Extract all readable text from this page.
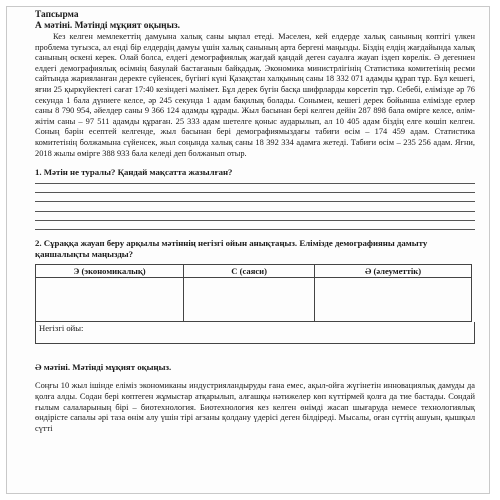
Тапсырма
А мәтіні. Мәтінді мұқият оқыңыз.

Кез келген мемлекеттің дамуына халық саны ықпал етеді. Мәселен, кей елдерде халық санының көптігі үлкен проблема туғызса, ал енді бір елдердің дамуы үшін халық санының арта бергені маңызды. Біздің елдің жағдайында халық санының өскені керек. Олай болса, елдегі демографиялық жағдай қандай деген сауалға жауап іздеп көрелік. Ә дегеннен елдегі демографиялық өсімнің баяулай бастағанын байқадық. Экономика министрлігінің Статистика комитетінің ресми сайтында жарияланған деректе сүйенсек, бүгінгі күні Қазақстан халқының саны 18 332 071 адамды құрап тұр. Бұл кешегі, яғни 25 қыркүйектегі сағат 17:40 кезіндегі мәлімет. Бұл дерек бүгін басқа шифрларды көрсетіп тұр. Себебі, елімізде әр 76 секунда 1 бала дүниеге келсе, әр 245 секунда 1 адам бақилық болады. Сонымен, кешегі дерек бойынша елімізде ерлер саны 8 790 954, әйелдер саны 9 366 124 адамды құрады. Жыл басынан бері келген дейін 287 898 бала өмірге келсе, өлім-жітім саны – 97 511 адамды құраған. 25 333 адам шетелге қоныс аударылып, ал 10 405 адам біздің елге көшіп келген. Соның бәрін есептей келгенде, жыл басынан бері демографиямыздағы табиғи өсім – 174 459 адам. Статистика комитетінің болжамына сүйенсек, жыл соңында халық саны 18 392 334 адамға жетеді. Табиғи өсім – 235 256 адам. Яғни, 2018 жылы өмірге 388 933 бала келеді деп болжанып отыр.

1. Мәтін не туралы? Қандай мақсатта жазылған?
2. Сұраққа жауап беру арқылы мәтіннің негізгі ойын анықтаңыз. Елімізде демографияны дамыту қаншалықты маңызды?
Э (экономикалық)	С (саяси)	Ә (әлеуметтік)

Негізгі ойы:
Ә мәтіні. Мәтінді мұқият оқыңыз.
Соңғы 10 жыл ішінде еліміз экономиканы индустрияландыруды ғана емес, ақыл-ойға жүгінетін инновациялық дамуды да қолға алды. Содан бері көптеген жұмыстар атқарылып, алғашқы нәтижелер көп күттірмей қолға да тие бастады. Сондай ғылым салаларының бірі – биотехнология. Биотехнология кез келген өнімді жасап шығаруда немесе технологиялық өндірісте сапалы әрі таза өнім алу үшін тірі ағзаны қолдану үдерісі деген білдіреді. Мысалы, оған сүттің ашуын, қышқыл сүтті
